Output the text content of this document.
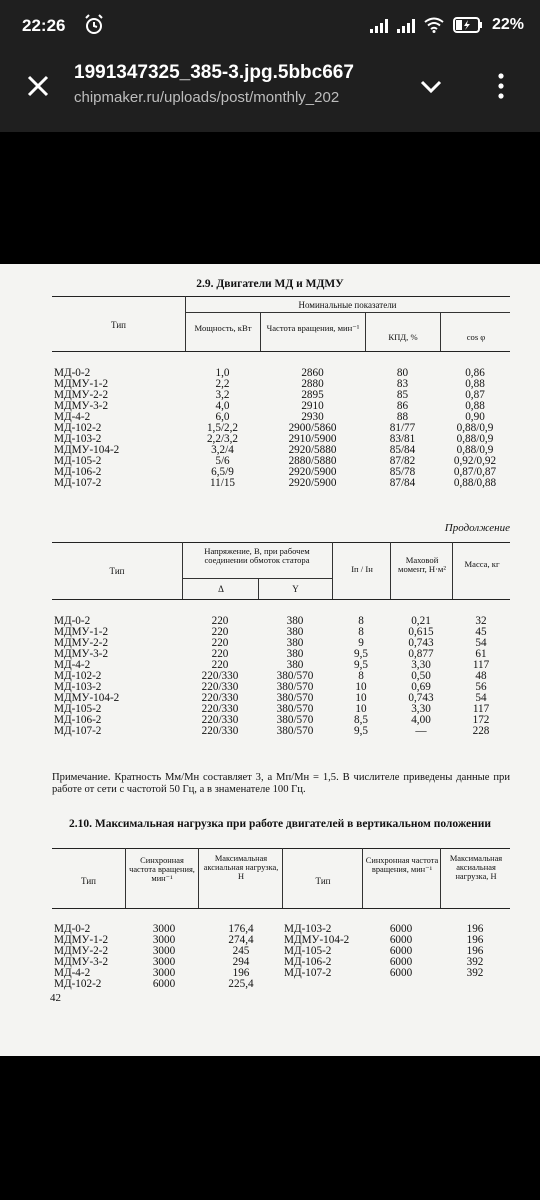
22:26	22%
1991347325_385-3.jpg.5bbc667
chipmaker.ru/uploads/post/monthly_202
2.9. Двигатели МД и МДМУ
Номинальные показатели
Тип	Мощность, кВт	Частота вращения, мин⁻¹
КПД, %	cos φ
МД-0-2	1,0	2860	80	0,86
МДМУ-1-2	2,2	2880	83	0,88
МДМУ-2-2	3,2	2895	85	0,87
МДМУ-3-2	4,0	2910	86	0,88
МД-4-2	6,0	2930	88	0,90
МД-102-2	1,5/2,2	2900/5860	81/77	0,88/0,9
МД-103-2	2,2/3,2	2910/5900	83/81	0,88/0,9
МДМУ-104-2	3,2/4	2920/5880	85/84	0,88/0,9
МД-105-2	5/6	2880/5880	87/82	0,92/0,92
МД-106-2	6,5/9	2920/5900	85/78	0,87/0,87
МД-107-2	11/15	2920/5900	87/84	0,88/0,88
Продолжение
Тип
Напряжение, В, при рабочем соединении обмоток статора
Δ	Y
Iп / Iн
Маховой момент, Н·м²	Масса, кг
МД-0-2	220	380	8	0,21	32
МДМУ-1-2	220	380	8	0,615	45
МДМУ-2-2	220	380	9	0,743	54
МДМУ-3-2	220	380	9,5	0,877	61
МД-4-2	220	380	9,5	3,30	117
МД-102-2	220/330	380/570	8	0,50	48
МД-103-2	220/330	380/570	10	0,69	56
МДМУ-104-2	220/330	380/570	10	0,743	54
МД-105-2	220/330	380/570	10	3,30	117
МД-106-2	220/330	380/570	8,5	4,00	172
МД-107-2	220/330	380/570	9,5	—	228
Примечание. Кратность Mм/Mн составляет 3, а Mп/Mн = 1,5. В числителе приведены данные при работе от сети с частотой 50 Гц, а в знаменателе 100 Гц.
2.10. Максимальная нагрузка при работе двигателей в вертикальном положении
Тип
Синхронная частота вращения, мин⁻¹
Максимальная аксиальная нагрузка, Н	Тип
Синхронная частота вращения, мин⁻¹
Максимальная аксиальная нагрузка, Н
МД-0-2	3000	176,4	МД-103-2	6000	196
МДМУ-1-2	3000	274,4	МДМУ-104-2	6000	196
МДМУ-2-2	3000	245	МД-105-2	6000	196
МДМУ-3-2	3000	294	МД-106-2	6000	392
МД-4-2	3000	196	МД-107-2	6000	392
МД-102-2	6000	225,4			
42
